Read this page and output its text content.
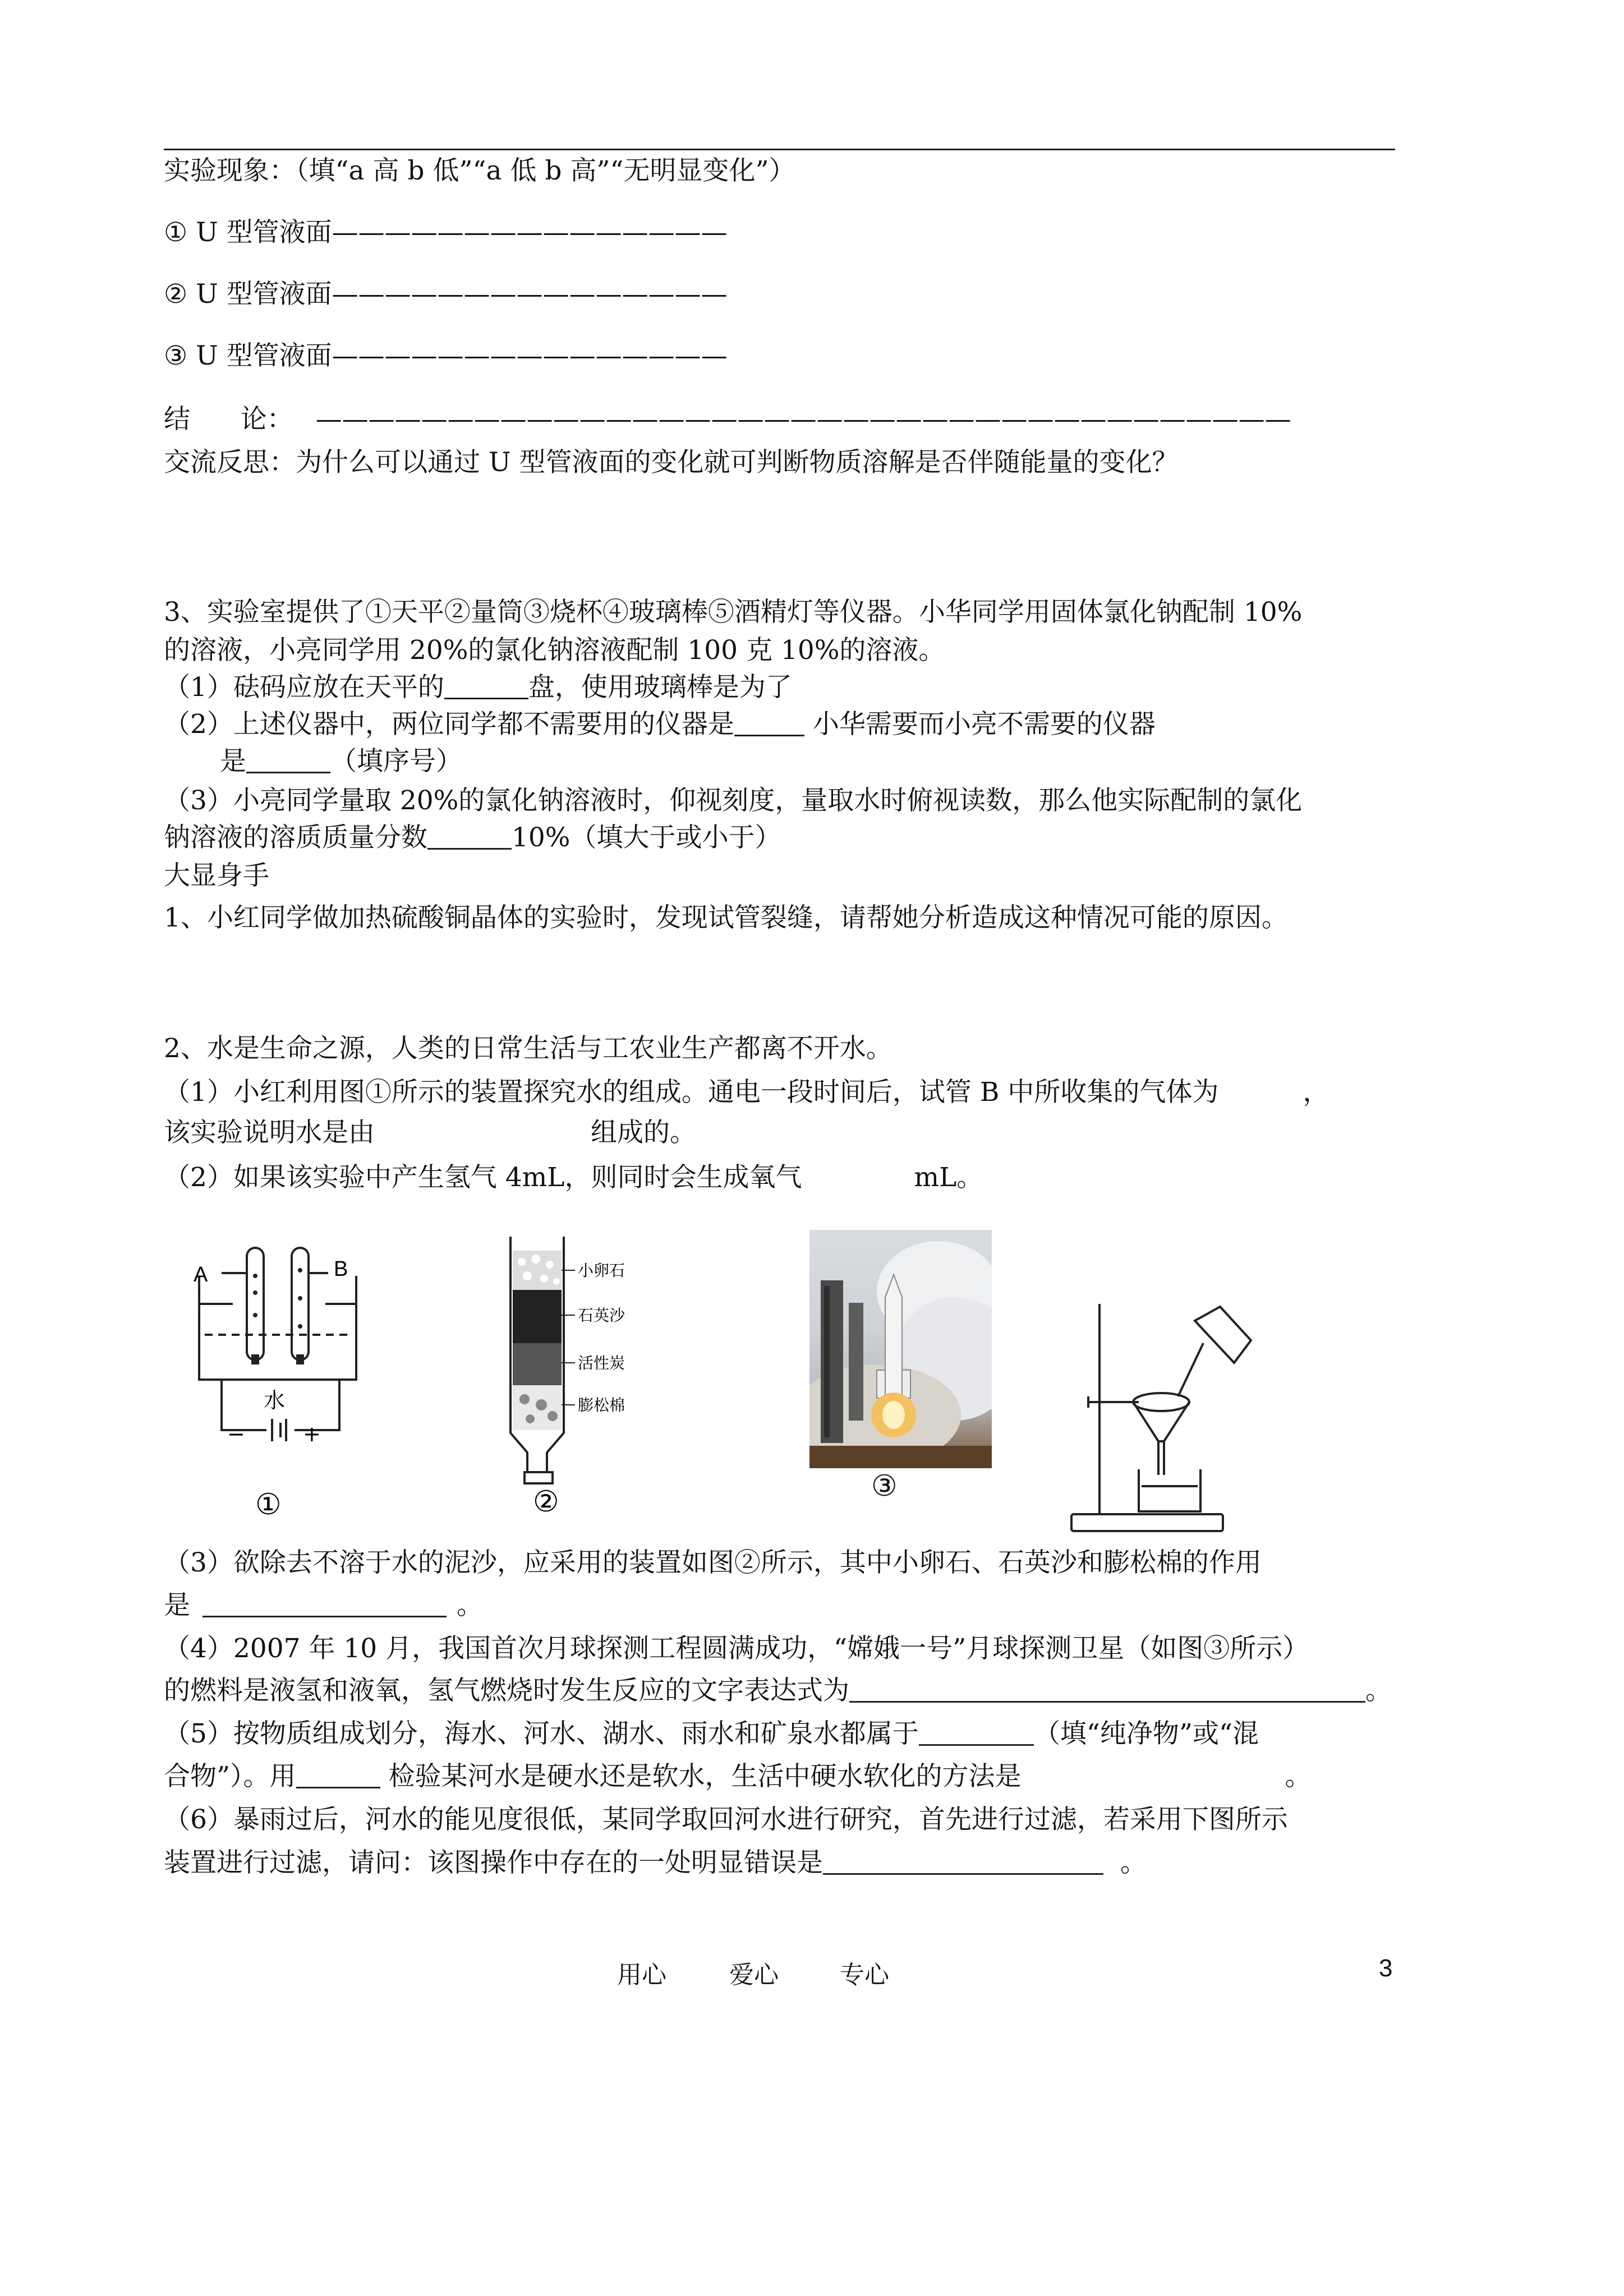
实验现象：（填“a 高 b 低”“a 低 b 高”“无明显变化”）

① U 型管液面———————————————

② U 型管液面———————————————

③ U 型管液面———————————————

结      论： —————————————————————————————————————

交流反思：为什么可以通过 U 型管液面的变化就可判断物质溶解是否伴随能量的变化？

3、实验室提供了①天平②量筒③烧杯④玻璃棒⑤酒精灯等仪器。小华同学用固体氯化钠配制 10%

的溶液，小亮同学用 20%的氯化钠溶液配制 100 克 10%的溶液。

（1）砝码应放在天平的	盘，使用玻璃棒是为了

（2）上述仪器中，两位同学都不需要用的仪器是	小华需要而小亮不需要的仪器

是	（填序号）

（3）小亮同学量取 20%的氯化钠溶液时，仰视刻度，量取水时俯视读数，那么他实际配制的氯化

钠溶液的溶质质量分数	10%（填大于或小于）

大显身手

1、小红同学做加热硫酸铜晶体的实验时，发现试管裂缝，请帮她分析造成这种情况可能的原因。

2、水是生命之源，人类的日常生活与工农业生产都离不开水。

（1）小红利用图①所示的装置探究水的组成。通电一段时间后，试管 B 中所收集的气体为	，

该实验说明水是由	组成的。

（2）如果该实验中产生氢气 4mL，则同时会生成氧气	mL。

A	B
水
−	+
①
小卵石
石英沙
活性炭
膨松棉
②	③

（3）欲除去不溶于水的泥沙，应采用的装置如图②所示，其中小卵石、石英沙和膨松棉的作用

是	。

（4）2007 年 10 月，我国首次月球探测工程圆满成功，“嫦娥一号”月球探测卫星（如图③所示）

的燃料是液氢和液氧，氢气燃烧时发生反应的文字表达式为	。

（5）按物质组成划分，海水、河水、湖水、雨水和矿泉水都属于	（填“纯净物”或“混

合物”）。用	检验某河水是硬水还是软水，生活中硬水软化的方法是	。

（6）暴雨过后，河水的能见度很低，某同学取回河水进行研究，首先进行过滤，若采用下图所示

装置进行过滤，请问：该图操作中存在的一处明显错误是	。

用心	爱心 专心	3
